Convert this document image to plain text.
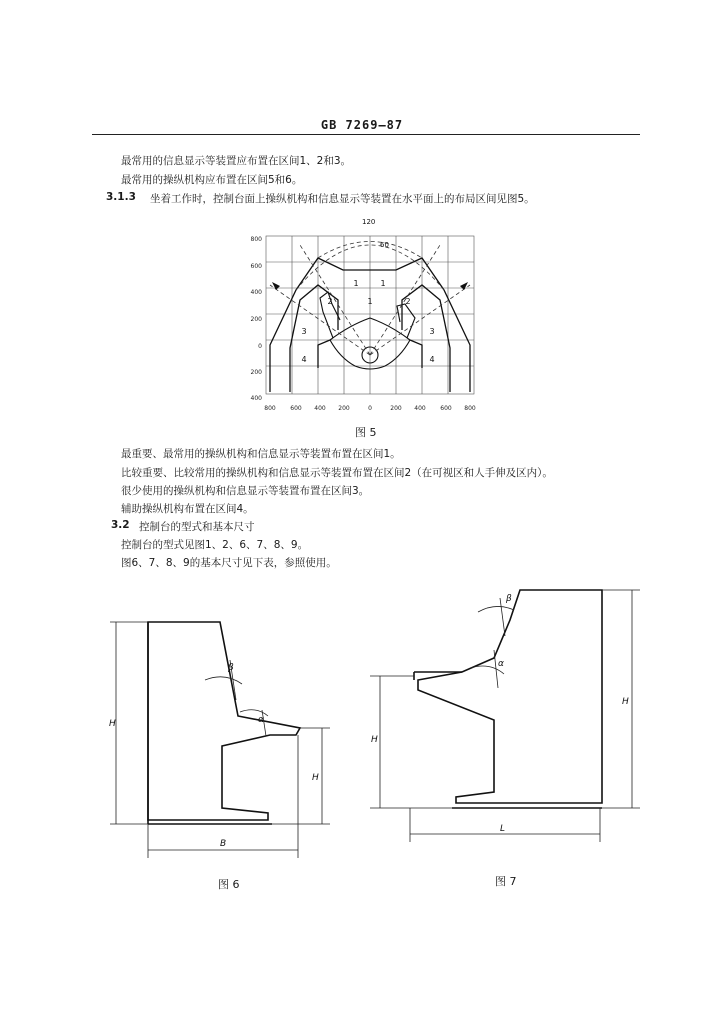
GB 7269—87
最常用的信息显示等装置应布置在区间1、2和3。
最常用的操纵机构应布置在区间5和6。
3.1.3 坐着工作时，控制台面上操纵机构和信息显示等装置在水平面上的布局区间见图5。
120
60
800
600
400
200
0
200
400
800 600 400 200	0	200 400 600 800
1	1
1
2	2
3	3
4	4
图 5
最重要、最常用的操纵机构和信息显示等装置布置在区间1。
比较重要、比较常用的操纵机构和信息显示等装置布置在区间2（在可视区和人手伸及区内）。
很少使用的操纵机构和信息显示等装置布置在区间3。
辅助操纵机构布置在区间4。
3.2 控制台的型式和基本尺寸
控制台的型式见图1、2、6、7、8、9。
图6、7、8、9的基本尺寸见下表，参照使用。
H
H
B
β
α
图 6
H
H
L
β
α
图 7
